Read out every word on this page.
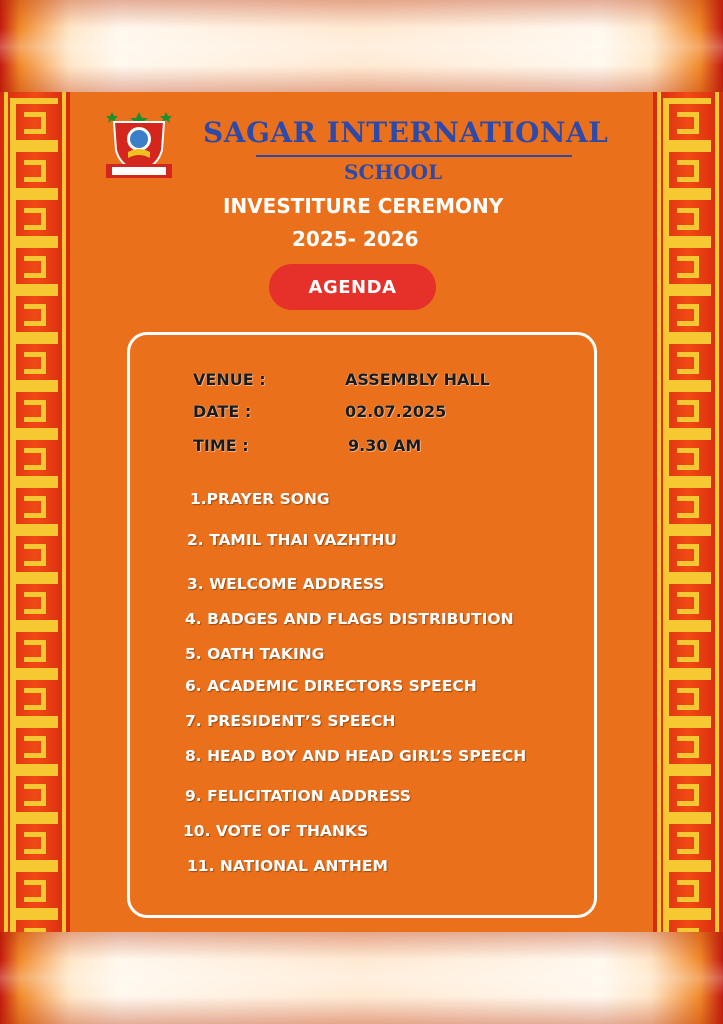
SAGAR INTERNATIONAL
SCHOOL
INVESTITURE CEREMONY
2025- 2026
AGENDA
VENUE :	ASSEMBLY HALL
DATE :	02.07.2025
TIME :	9.30 AM
1.PRAYER SONG
2. TAMIL THAI VAZHTHU
3. WELCOME ADDRESS
4. BADGES AND FLAGS DISTRIBUTION
5. OATH TAKING
6. ACADEMIC DIRECTORS SPEECH
7. PRESIDENT’S SPEECH
8. HEAD BOY AND HEAD GIRL’S SPEECH
9. FELICITATION ADDRESS
10. VOTE OF THANKS
11. NATIONAL ANTHEM
